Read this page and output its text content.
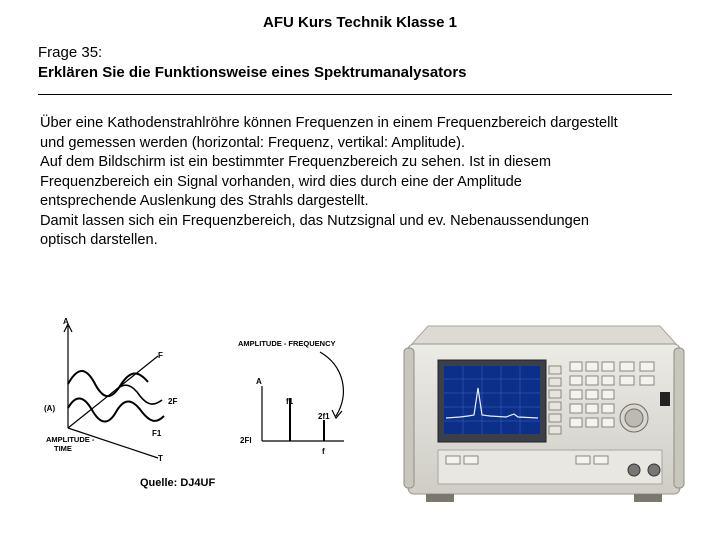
AFU Kurs Technik Klasse 1
Frage 35:
Erklären Sie die Funktionsweise eines Spektrumanalysators

Über eine Kathodenstrahlröhre können Frequenzen in einem Frequenzbereich dargestellt

und gemessen werden (horizontal: Frequenz, vertikal: Amplitude).

Auf dem Bildschirm ist ein bestimmter Frequenzbereich zu sehen. Ist in diesem

Frequenzbereich ein Signal vorhanden, wird dies durch eine der Amplitude

entsprechende Auslenkung des Strahls dargestellt.

Damit lassen sich ein Frequenzbereich, das Nutzsignal und ev. Nebenaussendungen

optisch darstellen.

A
(A)
F
2F
F1
T
AMPLITUDE -
TIME
AMPLITUDE - FREQUENCY
A
f1
2f1
2FI
f
Quelle: DJ4UF
